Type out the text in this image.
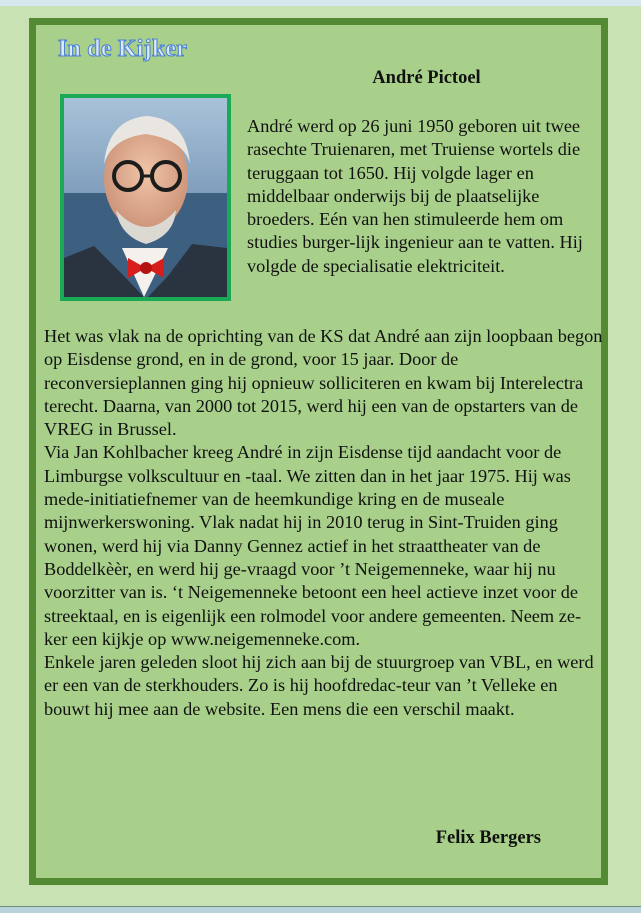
In de Kijker
André Pictoel

André werd op 26 juni 1950 geboren uit twee rasechte Truienaren, met Truiense wortels die teruggaan tot 1650. Hij volgde lager en middelbaar onderwijs bij de plaatselijke broeders. Eén van hen stimuleerde hem om studies burger-lijk ingenieur aan te vatten. Hij volgde de specialisatie elektriciteit.

Het was vlak na de oprichting van de KS dat André aan zijn loopbaan begon op Eisdense grond, en in de grond, voor 15 jaar. Door de reconversieplannen ging hij opnieuw solliciteren en kwam bij Interelectra terecht. Daarna, van 2000 tot 2015, werd hij een van de opstarters van de VREG in Brussel.

Via Jan Kohlbacher kreeg André in zijn Eisdense tijd aandacht voor de Limburgse volkscultuur en -taal. We zitten dan in het jaar 1975. Hij was mede-initiatiefnemer van de heemkundige kring en de museale mijnwerkerswoning. Vlak nadat hij in 2010 terug in Sint-Truiden ging wonen, werd hij via Danny Gennez actief in het straattheater van de Boddelkèèr, en werd hij ge-vraagd voor ’t Neigemenneke, waar hij nu voorzitter van is. ‘t Neigemenneke betoont een heel actieve inzet voor de streektaal, en is eigenlijk een rolmodel voor andere gemeenten. Neem ze-ker een kijkje op www.neigemenneke.com.

Enkele jaren geleden sloot hij zich aan bij de stuurgroep van VBL, en werd er een van de sterkhouders. Zo is hij hoofdredac-teur van ’t Velleke en bouwt hij mee aan de website. Een mens die een verschil maakt.

Felix Bergers
